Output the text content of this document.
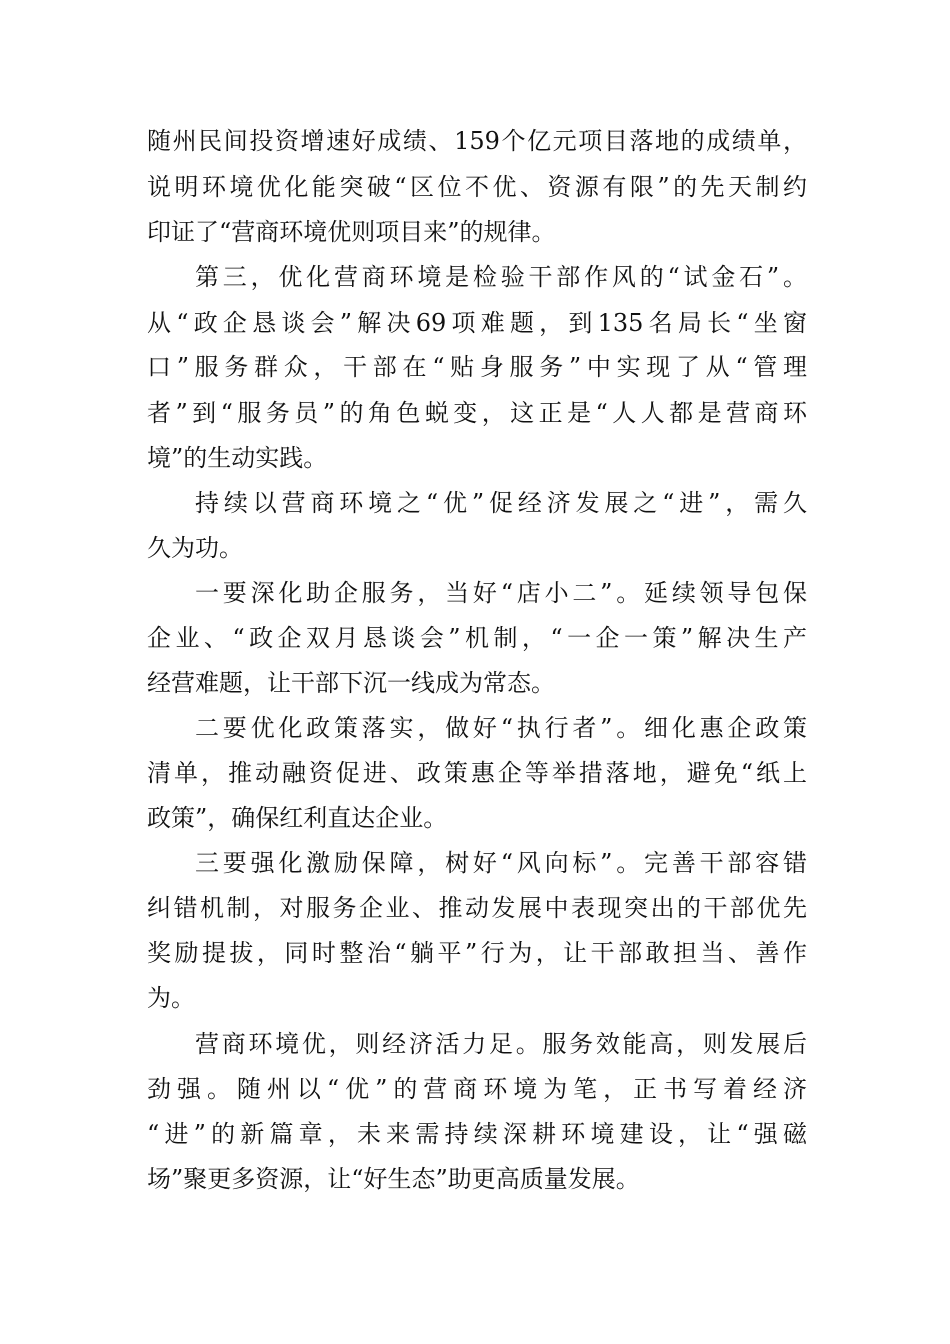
随州民间投资增速好成绩、159个亿元项目落地的成绩单，
说明环境优化能突破“区位不优、资源有限”的先天制约
印证了“营商环境优则项目来”的规律。
第三，优化营商环境是检验干部作风的“试金石”。
从“政企恳谈会”解决69项难题，到135名局长“坐窗
口”服务群众，干部在“贴身服务”中实现了从“管理
者”到“服务员”的角色蜕变，这正是“人人都是营商环
境”的生动实践。
持续以营商环境之“优”促经济发展之“进”，需久
久为功。
一要深化助企服务，当好“店小二”。延续领导包保
企业、“政企双月恳谈会”机制，“一企一策”解决生产
经营难题，让干部下沉一线成为常态。
二要优化政策落实，做好“执行者”。细化惠企政策
清单，推动融资促进、政策惠企等举措落地，避免“纸上
政策”，确保红利直达企业。
三要强化激励保障，树好“风向标”。完善干部容错
纠错机制，对服务企业、推动发展中表现突出的干部优先
奖励提拔，同时整治“躺平”行为，让干部敢担当、善作
为。
营商环境优，则经济活力足。服务效能高，则发展后
劲强。随州以“优”的营商环境为笔，正书写着经济
“进”的新篇章，未来需持续深耕环境建设，让“强磁
场”聚更多资源，让“好生态”助更高质量发展。
